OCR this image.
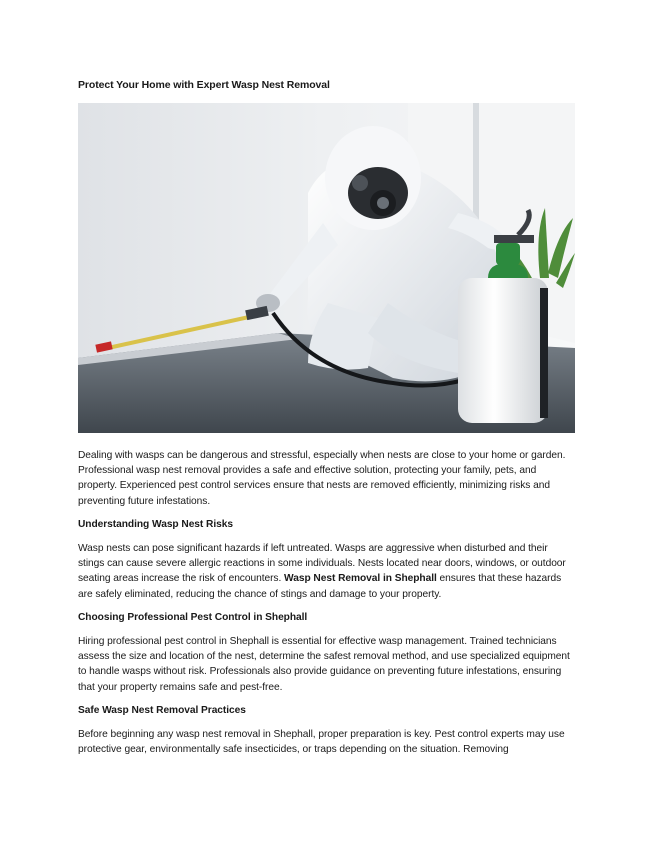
Protect Your Home with Expert Wasp Nest Removal

Dealing with wasps can be dangerous and stressful, especially when nests are close to your home or garden. Professional wasp nest removal provides a safe and effective solution, protecting your family, pets, and property. Experienced pest control services ensure that nests are removed efficiently, minimizing risks and preventing future infestations.

Understanding Wasp Nest Risks

Wasp nests can pose significant hazards if left untreated. Wasps are aggressive when disturbed and their stings can cause severe allergic reactions in some individuals. Nests located near doors, windows, or outdoor seating areas increase the risk of encounters. Wasp Nest Removal in Shephall ensures that these hazards are safely eliminated, reducing the chance of stings and damage to your property.

Choosing Professional Pest Control in Shephall

Hiring professional pest control in Shephall is essential for effective wasp management. Trained technicians assess the size and location of the nest, determine the safest removal method, and use specialized equipment to handle wasps without risk. Professionals also provide guidance on preventing future infestations, ensuring that your property remains safe and pest-free.

Safe Wasp Nest Removal Practices

Before beginning any wasp nest removal in Shephall, proper preparation is key. Pest control experts may use protective gear, environmentally safe insecticides, or traps depending on the situation. Removing
